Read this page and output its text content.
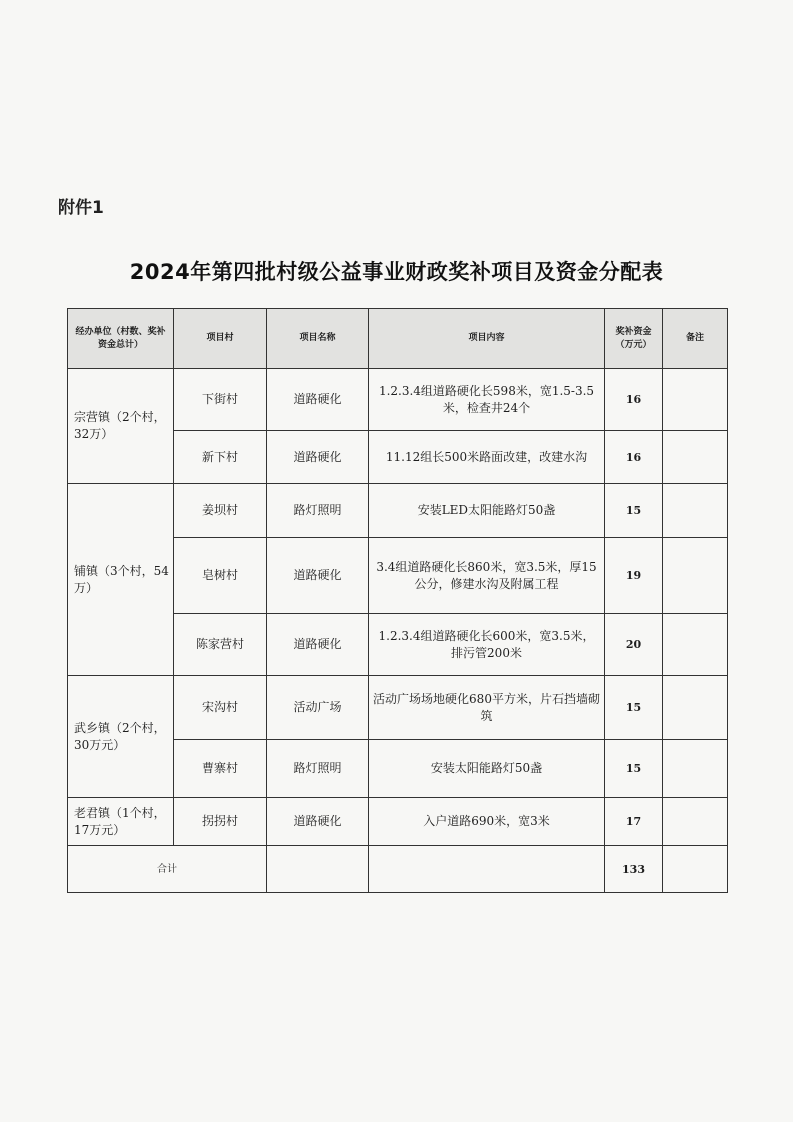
附件1
2024年第四批村级公益事业财政奖补项目及资金分配表
经办单位（村数、奖补资金总计）	项目村	项目名称	项目内容	奖补资金（万元）	备注
宗营镇（2个村，32万）	下街村	道路硬化	1.2.3.4组道路硬化长598米，宽1.5-3.5米，检查井24个	16	
	新下村	道路硬化	11.12组长500米路面改建，改建水沟	16	
铺镇（3个村，54万）	姜坝村	路灯照明	安装LED太阳能路灯50盏	15	
	皂树村	道路硬化	3.4组道路硬化长860米，宽3.5米，厚15公分，修建水沟及附属工程	19	
	陈家营村	道路硬化	1.2.3.4组道路硬化长600米，宽3.5米，排污管200米	20	
武乡镇（2个村，30万元）	宋沟村	活动广场	活动广场场地硬化680平方米，片石挡墙砌筑	15	
	曹寨村	路灯照明	安装太阳能路灯50盏	15	
老君镇（1个村，17万元）	拐拐村	道路硬化	入户道路690米，宽3米	17	
合计				133	
